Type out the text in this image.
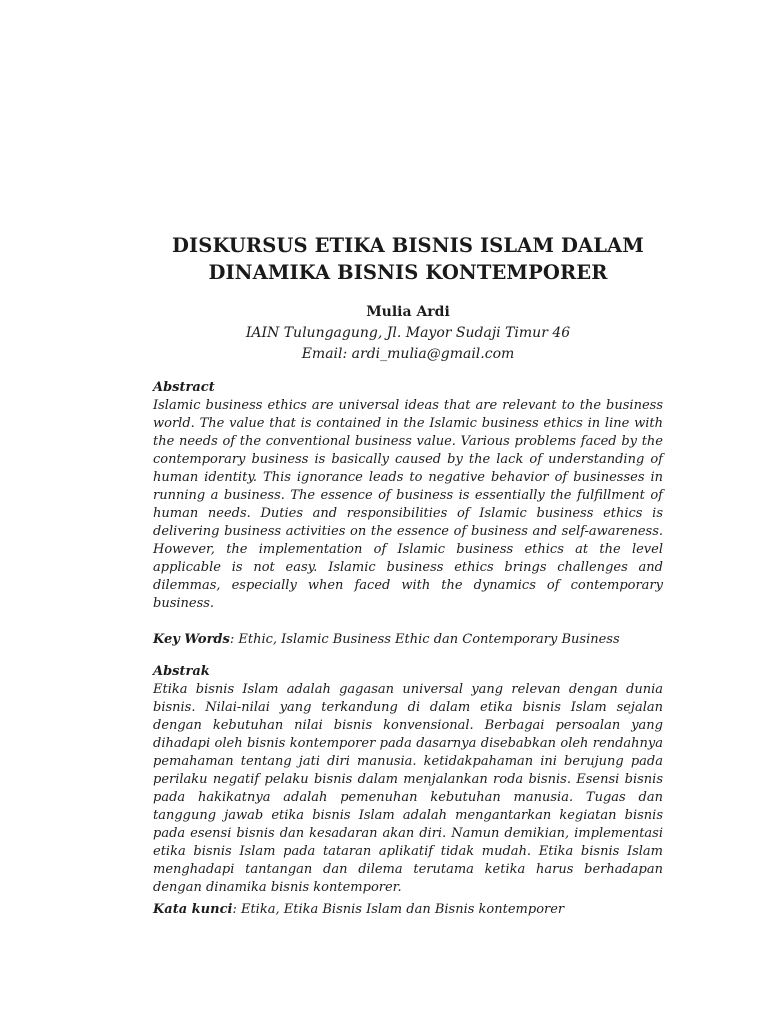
DISKURSUS ETIKA BISNIS ISLAM DALAM
DINAMIKA BISNIS KONTEMPORER
Mulia Ardi
IAIN Tulungagung, Jl. Mayor Sudaji Timur 46
Email: ardi_mulia@gmail.com
Abstract

Islamic business ethics are universal ideas that are relevant to the business world. The value that is contained in the Islamic business ethics in line with the needs of the conventional business value. Various problems faced by the contemporary business is basically caused by the lack of understanding of human identity. This ignorance leads to negative behavior of businesses in running a business. The essence of business is essentially the fulfillment of human needs. Duties and responsibilities of Islamic business ethics is delivering business activities on the essence of business and self-awareness. However, the implementation of Islamic business ethics at the level applicable is not easy. Islamic business ethics brings challenges and dilemmas, especially when faced with the dynamics of contemporary business.

Key Words: Ethic, Islamic Business Ethic dan Contemporary Business
Abstrak

Etika bisnis Islam adalah gagasan universal yang relevan dengan dunia bisnis. Nilai-nilai yang terkandung di dalam etika bisnis Islam sejalan dengan kebutuhan nilai bisnis konvensional. Berbagai persoalan yang dihadapi oleh bisnis kontemporer pada dasarnya disebabkan oleh rendahnya pemahaman tentang jati diri manusia. ketidakpahaman ini berujung pada perilaku negatif pelaku bisnis dalam menjalankan roda bisnis. Esensi bisnis pada hakikatnya adalah pemenuhan kebutuhan manusia. Tugas dan tanggung jawab etika bisnis Islam adalah mengantarkan kegiatan bisnis pada esensi bisnis dan kesadaran akan diri. Namun demikian, implementasi etika bisnis Islam pada tataran aplikatif tidak mudah. Etika bisnis Islam menghadapi tantangan dan dilema terutama ketika harus berhadapan dengan dinamika bisnis kontemporer.

Kata kunci: Etika, Etika Bisnis Islam dan Bisnis kontemporer
